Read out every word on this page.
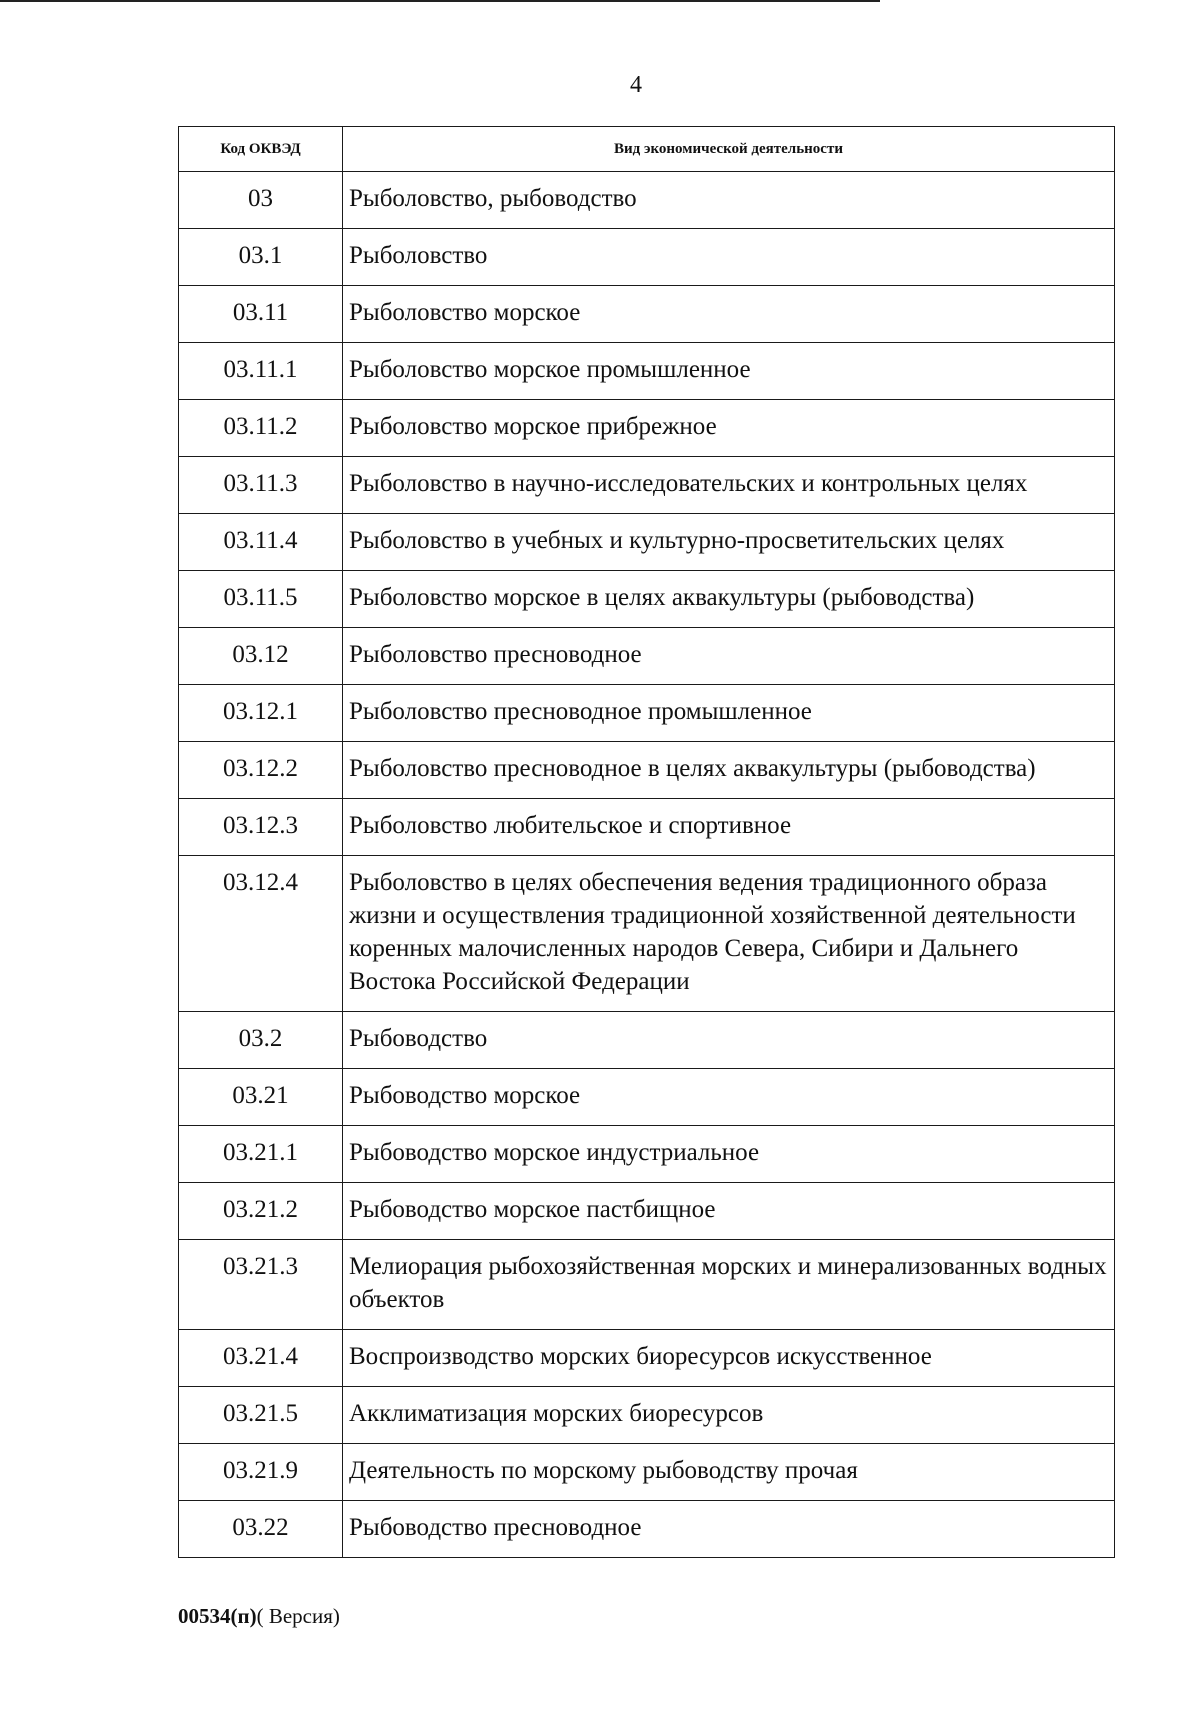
4
Код ОКВЭД	Вид экономической деятельности
03	Рыболовство, рыбоводство
03.1	Рыболовство
03.11	Рыболовство морское
03.11.1	Рыболовство морское промышленное
03.11.2	Рыболовство морское прибрежное
03.11.3	Рыболовство в научно-исследовательских и контрольных целях
03.11.4	Рыболовство в учебных и культурно-просветительских целях
03.11.5	Рыболовство морское в целях аквакультуры (рыбоводства)
03.12	Рыболовство пресноводное
03.12.1	Рыболовство пресноводное промышленное
03.12.2	Рыболовство пресноводное в целях аквакультуры (рыбоводства)
03.12.3	Рыболовство любительское и спортивное
03.12.4	Рыболовство в целях обеспечения ведения традиционного образа жизни и осуществления традиционной хозяйственной деятельности коренных малочисленных народов Севера, Сибири и Дальнего Востока Российской Федерации
03.2	Рыбоводство
03.21	Рыбоводство морское
03.21.1	Рыбоводство морское индустриальное
03.21.2	Рыбоводство морское пастбищное
03.21.3	Мелиорация рыбохозяйственная морских и минерализованных водных объектов
03.21.4	Воспроизводство морских биоресурсов искусственное
03.21.5	Акклиматизация морских биоресурсов
03.21.9	Деятельность по морскому рыбоводству прочая
03.22	Рыбоводство пресноводное
00534(п)( Версия)
